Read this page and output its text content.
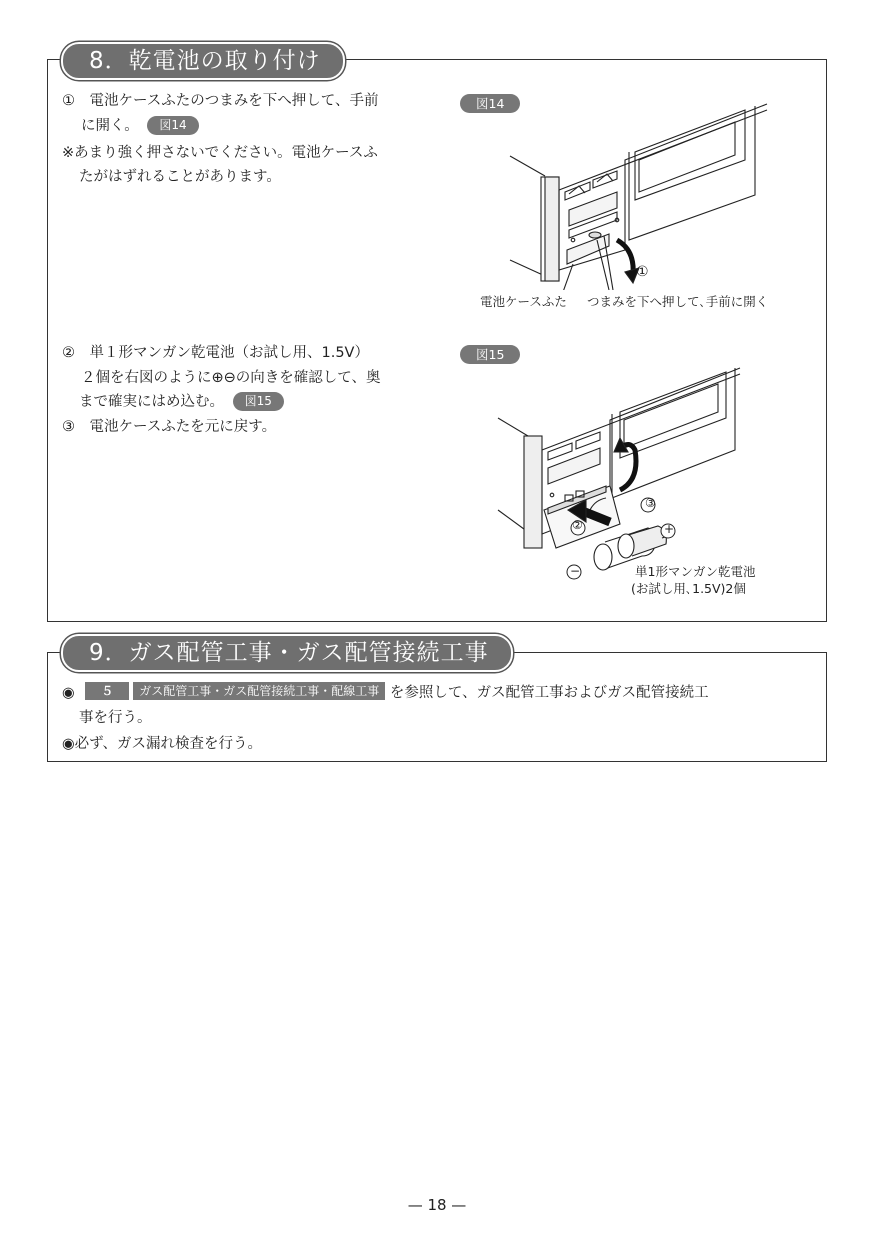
8．乾電池の取り付け
①　電池ケースふたのつまみを下へ押して、手前
に開く。 図14
※あまり強く押さないでください。電池ケースふ
たがはずれることがあります。
図14
①
電池ケースふた つまみを下へ押して､手前に開く
②　単１形マンガン乾電池（お試し用、1.5V）
２個を右図のように⊕⊖の向きを確認して、奥
まで確実にはめ込む。 図15
③　電池ケースふたを元に戻す。
図15
③
②	+
−	単1形マンガン乾電池
(お試し用､1.5V)2個
9．ガス配管工事・ガス配管接続工事
◉ ５ ガス配管工事・ガス配管接続工事・配線工事 を参照して、ガス配管工事およびガス配管接続工
事を行う。
◉必ず、ガス漏れ検査を行う。
— 18 —
